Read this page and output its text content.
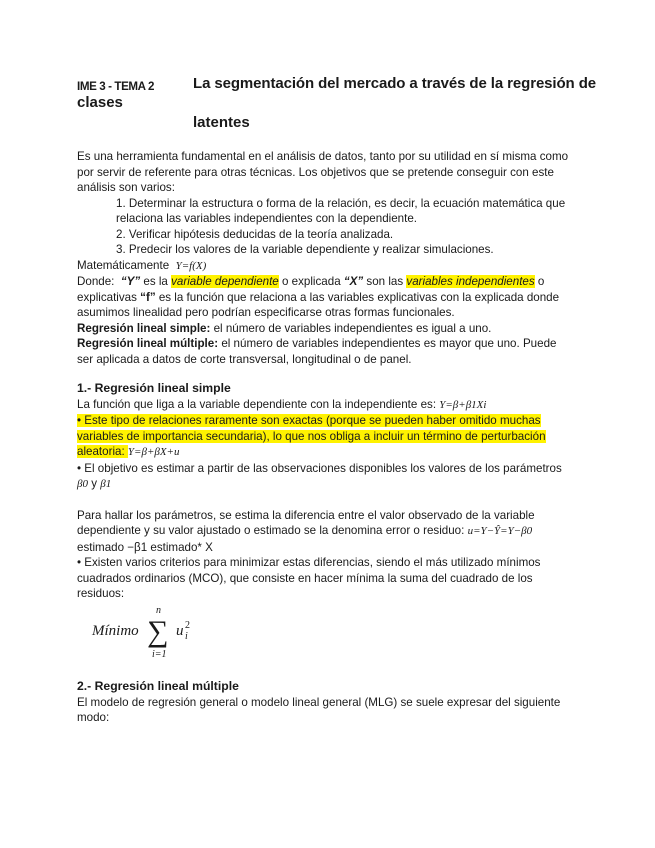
IME 3 - TEMA 2	La segmentación del mercado a través de la regresión de
clases
latentes

Es una herramienta fundamental en el análisis de datos, tanto por su utilidad en sí misma como por servir de referente para otras técnicas. Los objetivos que se pretende conseguir con este análisis son varios:

1. Determinar la estructura o forma de la relación, es decir, la ecuación matemática que relaciona las variables independientes con la dependiente.

2. Verificar hipótesis deducidas de la teoría analizada.

3. Predecir los valores de la variable dependiente y realizar simulaciones.

Matemáticamente Y=f(X)

Donde: “Y” es la variable dependiente o explicada “X” son las variables independientes o explicativas “f” es la función que relaciona a las variables explicativas con la explicada donde asumimos linealidad pero podrían especificarse otras formas funcionales.

Regresión lineal simple: el número de variables independientes es igual a uno.

Regresión lineal múltiple: el número de variables independientes es mayor que uno. Puede ser aplicada a datos de corte transversal, longitudinal o de panel.

1.- Regresión lineal simple

La función que liga a la variable dependiente con la independiente es: Y=β+β1Xi

• Este tipo de relaciones raramente son exactas (porque se pueden haber omitido muchas variables de importancia secundaria), lo que nos obliga a incluir un término de perturbación aleatoria: Y=β+βX+u

• El objetivo es estimar a partir de las observaciones disponibles los valores de los parámetros β0 y β1

Para hallar los parámetros, se estima la diferencia entre el valor observado de la variable dependiente y su valor ajustado o estimado se la denomina error o residuo: u=Y−Ŷ=Y−β0

estimado −β1 estimado* X

• Existen varios criterios para minimizar estas diferencias, siendo el más utilizado mínimos cuadrados ordinarios (MCO), que consiste en hacer mínima la suma del cuadrado de los residuos:

Mínimo
n
∑
i=1
u 2
i

2.- Regresión lineal múltiple

El modelo de regresión general o modelo lineal general (MLG) se suele expresar del siguiente modo:
